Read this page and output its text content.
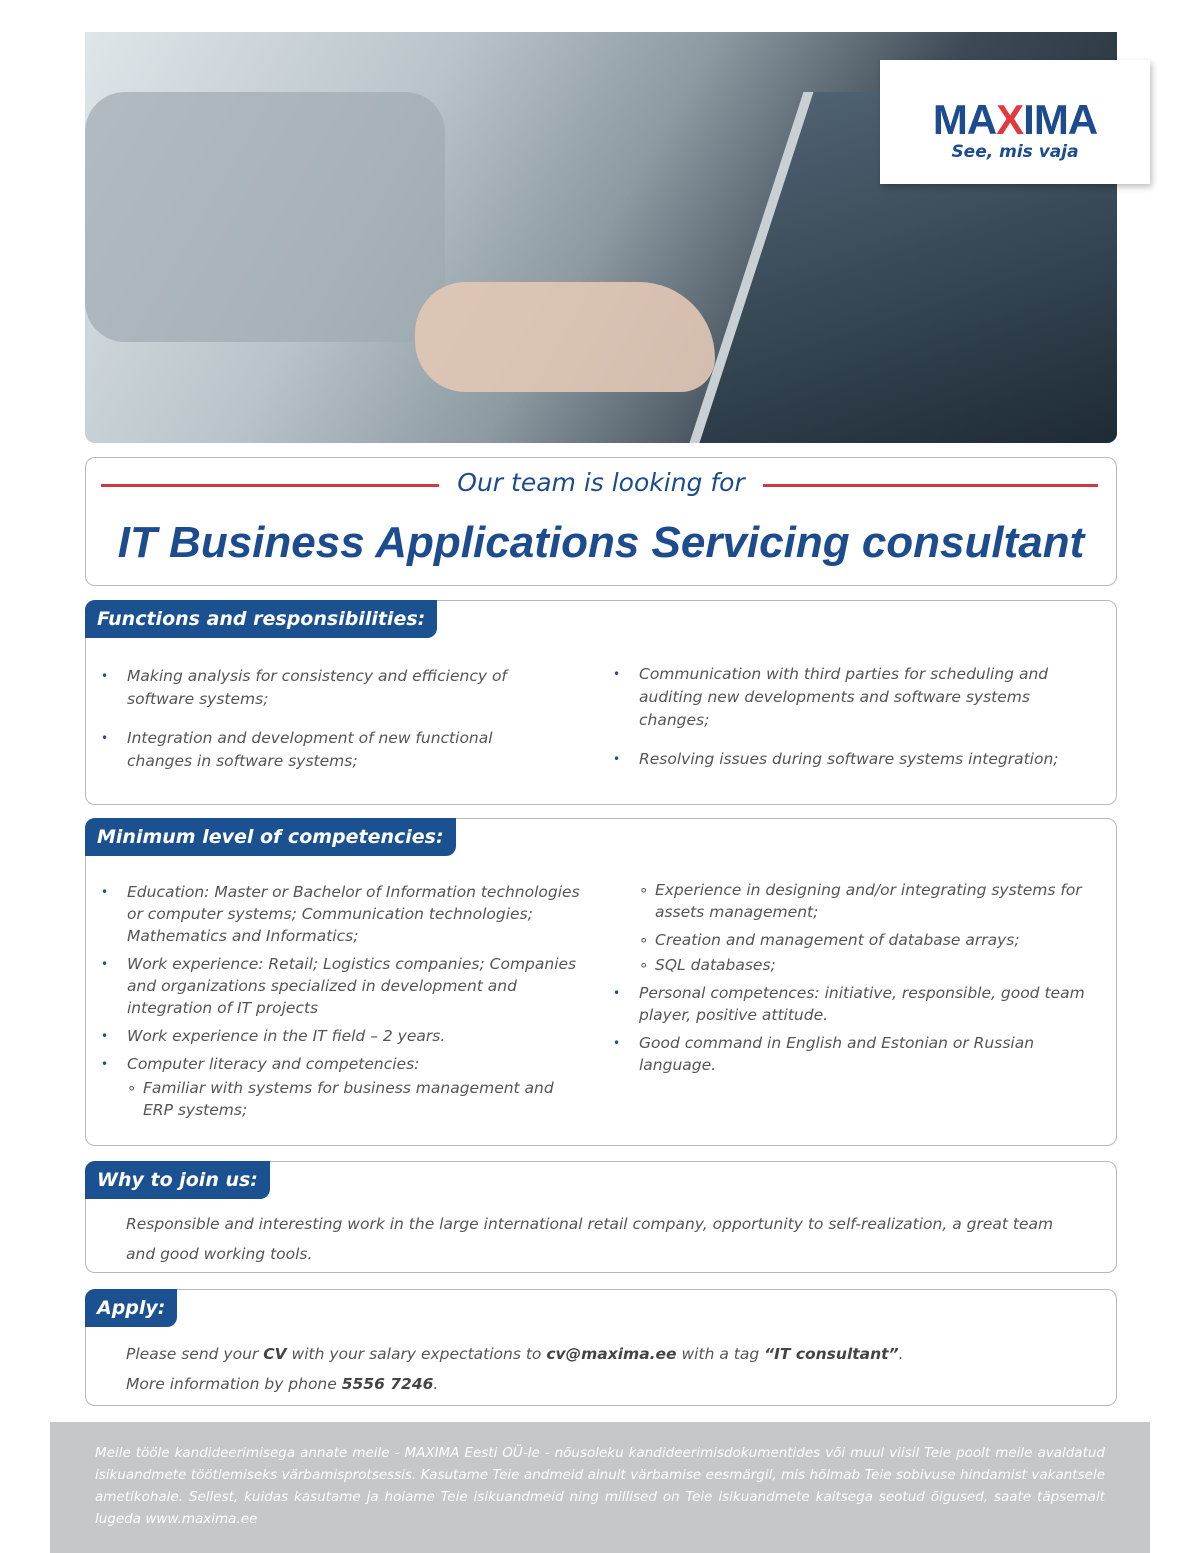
MAXIMA
See, mis vaja
Our team is looking for
IT Business Applications Servicing consultant
Functions and responsibilities:
• Making analysis for consistency and efficiency of software systems;
• Integration and development of new functional changes in software systems;
• Communication with third parties for scheduling and auditing new developments and software systems changes;
• Resolving issues during software systems integration;
Minimum level of competencies:
• Education: Master or Bachelor of Information technologies or computer systems; Communication technologies; Mathematics and Informatics;
• Work experience: Retail; Logistics companies; Companies and organizations specialized in development and integration of IT projects
• Work experience in the IT field – 2 years.
• Computer literacy and competencies:
∘ Familiar with systems for business management and ERP systems;
∘ Experience in designing and/or integrating systems for assets management;
∘ Creation and management of database arrays;
∘ SQL databases;
• Personal competences: initiative, responsible, good team player, positive attitude.
• Good command in English and Estonian or Russian language.
Why to join us:
Responsible and interesting work in the large international retail company, opportunity to self-realization, a great team and good working tools.
Apply:
Please send your CV with your salary expectations to cv@maxima.ee with a tag “IT consultant”.
More information by phone 5556 7246.
Meile tööle kandideerimisega annate meile - MAXIMA Eesti OÜ-le - nõusoleku kandideerimisdokumentides või muul viisil Teie poolt meile avaldatud isikuandmete töötlemiseks värbamisprotsessis. Kasutame Teie andmeid ainult värbamise eesmärgil, mis hõlmab Teie sobivuse hindamist vakantsele ametikohale. Sellest, kuidas kasutame ja hoiame Teie isikuandmeid ning millised on Teie isikuandmete kaitsega seotud õigused, saate täpsemalt lugeda www.maxima.ee
